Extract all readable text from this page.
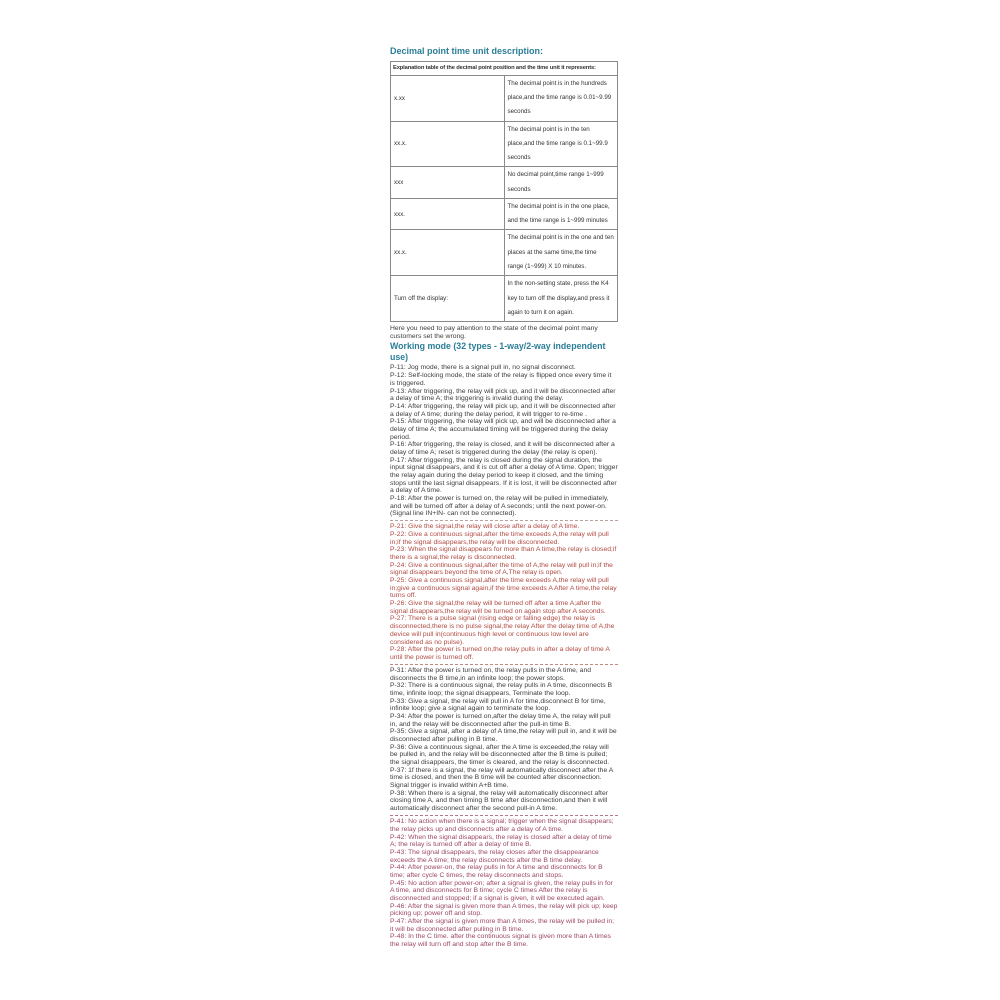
Decimal point time unit description:
Explanation table of the decimal point position and the time unit it represents:	
x.xx	The decimal point is in the hundreds place,and the time range is 0.01~9.99 seconds
xx.x.	The decimal point is in the ten place,and the time range is 0.1~99.9 seconds
xxx	No decimal point,time range 1~999 seconds
xxx.	The decimal point is in the one place, and the time range is 1~999 minutes
xx.x.	The decimal point is in the one and ten places at the same time,the time range (1~999) X 10 minutes.
Turn off the display:	In the non-setting state, press the K4 key to turn off the display,and press it again to turn it on again.
Here you need to pay attention to the state of the decimal point many customers set the wrong.
Working mode (32 types - 1-way/2-way independent use)

P-11: Jog mode, there is a signal pull in, no signal disconnect.

P-12: Self-locking mode, the state of the relay is flipped once every time it is triggered.

P-13: After triggering, the relay will pick up, and it will be disconnected after a delay of time A; the triggering is invalid during the delay.

P-14: After triggering, the relay will pick up, and it will be disconnected after a delay of A time; during the delay period, it will trigger to re-time .

P-15: After triggering, the relay will pick up, and will be disconnected after a delay of time A; the accumulated timing will be triggered during the delay period.

P-16: After triggering, the relay is closed, and it will be disconnected after a delay of time A; reset is triggered during the delay (the relay is open).

P-17: After triggering, the relay is closed during the signal duration, the input signal disappears, and it is cut off after a delay of A time. Open; trigger the relay again during the delay period to keep it closed, and the timing stops until the last signal disappears. If it is lost, it will be disconnected after a delay of A time.

P-18: After the power is turned on, the relay will be pulled in immediately, and will be turned off after a delay of A seconds; until the next power-on. (Signal line IN+IN- can not be connected).

P-21: Give the signal,the relay will close after a delay of A time.

P-22: Give a continuous signal,after the time exceeds A,the relay will pull in;if the signal disappears,the relay will be disconnected.

P-23: When the signal disappears for more than A time,the relay is closed;if there is a signal,the relay is disconnected.

P-24: Give a continuous signal,after the time of A,the relay will pull in;if the signal disappears beyond the time of A,The relay is open.

P-25: Give a continuous signal,after the time exceeds A,the relay will pull in;give a continuous signal again,if the time exceeds A After A time,the relay turns off.

P-26: Give the signal,the relay will be turned off after a time A;after the signal disappears,the relay will be turned on again stop after A seconds.

P-27: There is a pulse signal (rising edge or falling edge) the relay is disconnected,there is no pulse signal,the relay After the delay time of A,the device will pull in(continuous high level or continuous low level are considered as no pulse).

P-28: After the power is turned on,the relay pulls in after a delay of time A until the power is turned off.

P-31: After the power is turned on, the relay pulls in the A time, and disconnects the B time,in an infinite loop; the power stops.

P-32: There is a continuous signal, the relay pulls in A time, disconnects B time, infinite loop; the signal disappears, Terminate the loop.

P-33: Give a signal, the relay will pull in A for time,disconnect B for time, infinite loop; give a signal again to terminate the loop.

P-34: After the power is turned on,after the delay time A, the relay will pull in, and the relay will be disconnected after the pull-in time B.

P-35: Give a signal, after a delay of A time,the relay will pull in, and it will be disconnected after pulling in B time.

P-36: Give a continuous signal, after the A time is exceeded,the relay will be pulled in, and the relay will be disconnected after the B time is pulled; the signal disappears, the timer is cleared, and the relay is disconnected.

P-37: 1f there is a signal, the relay will automatically disconnect after the A time is closed, and then the B time will be counted after disconnection. Signal trigger is invalid within A+B time.

P-38: When there is a signal, the relay will automatically disconnect after closing time A, and then timing B time after disconnection,and then it will automatically disconnect after the second pull-in A time.

P-41: No action when there is a signal; trigger when the signal disappears; the relay picks up and disconnects after a delay of A time.

P-42: When the signal disappears, the relay is closed after a delay of time A; the relay is turned off after a delay of time B.

P-43: The signal disappears, the relay closes after the disappearance exceeds the A time; the relay disconnects after the B time delay.

P-44: After power-on, the relay pulls in for A time and disconnects for B time; after cycle C times, the relay disconnects and stops.

P-45: No action after power-on; after a signal is given, the relay pulls in for A time, and disconnects for B time; cycle C times After the relay is disconnected and stopped; if a signal is given, it will be executed again.

P-46: After the signal is given more than A times, the relay will pick up; keep picking up; power off and stop.

P-47: After the signal is given more than A times, the relay will be pulled in; it will be disconnected after pulling in B time.

P-48: In the C time. after the continuous signal is given more than A times the relay will turn off and stop after the B time.
